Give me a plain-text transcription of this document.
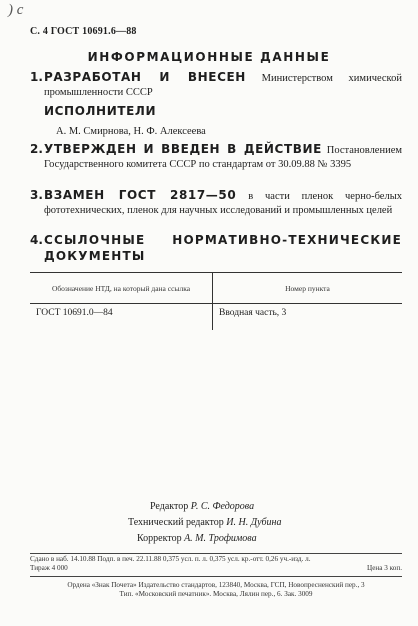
) с
С. 4 ГОСТ 10691.6—88
ИНФОРМАЦИОННЫЕ ДАННЫЕ
1. РАЗРАБОТАН И ВНЕСЕН Министерством химической промышленности СССР
ИСПОЛНИТЕЛИ
А. М. Смирнова, Н. Ф. Алексеева
2. УТВЕРЖДЕН И ВВЕДЕН В ДЕЙСТВИЕ Постановлением Государственного комитета СССР по стандартам от 30.09.88 № 3395
3. ВЗАМЕН ГОСТ 2817—50 в части пленок черно-белых фототехнических, пленок для научных исследований и промышленных целей
4. ССЫЛОЧНЫЕ НОРМАТИВНО-ТЕХНИЧЕСКИЕ ДОКУМЕНТЫ
Обозначение НТД, на который дана ссылка	Номер пункта
ГОСТ 10691.0—84	Вводная часть, 3
Редактор Р. С. Федорова
Технический редактор И. Н. Дубина
Корректор А. М. Трофимова
Сдано в наб. 14.10.88 Подп. в печ. 22.11.88 0,375 усл. п. л. 0,375 усл. кр.-отт. 0,26 уч.-изд. л.
Тираж 4 000	Цена 3 коп.
Ордена «Знак Почета» Издательство стандартов, 123840, Москва, ГСП, Новопресненский пер., 3
Тип. «Московский печатник». Москва, Лялин пер., 6. Зак. 3009
